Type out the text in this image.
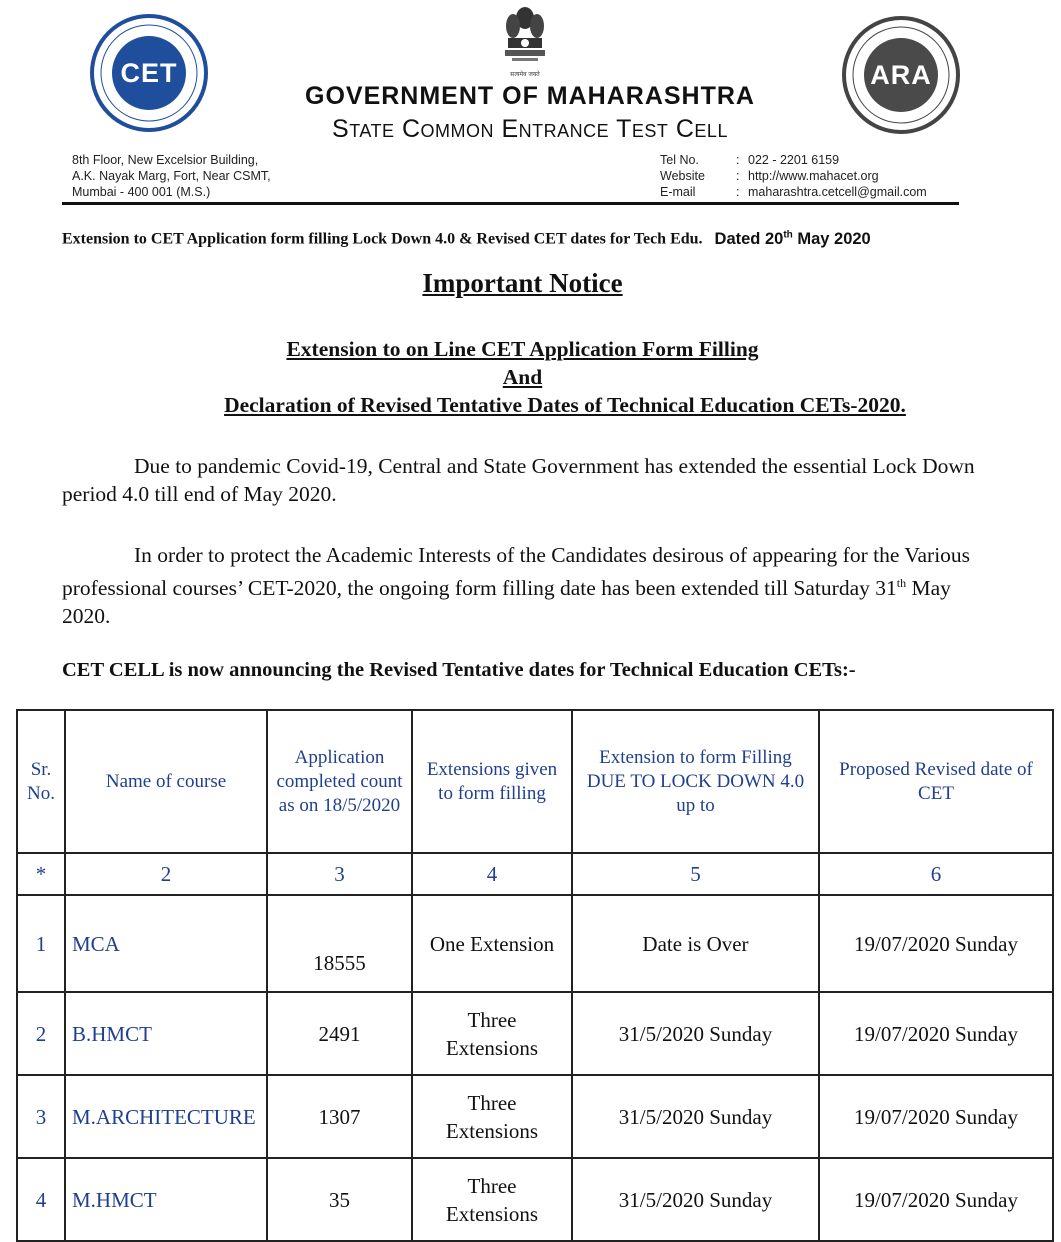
CET	सत्यमेव जयते	ARA
GOVERNMENT OF MAHARASHTRA
State Common Entrance Test Cell
8th Floor, New Excelsior Building,
A.K. Nayak Marg, Fort, Near CSMT,
Mumbai - 400 001 (M.S.)
Tel No.	: 022 - 2201 6159
Website	: http://www.mahacet.org
E-mail	: maharashtra.cetcell@gmail.com
Extension to CET Application form filling Lock Down 4.0 & Revised CET dates for Tech Edu. Dated 20th May 2020
Important Notice
Extension to on Line CET Application Form Filling
And
Declaration of Revised Tentative Dates of Technical Education CETs-2020.
Due to pandemic Covid-19, Central and State Government has extended the essential Lock Down period 4.0 till end of May 2020.
In order to protect the Academic Interests of the Candidates desirous of appearing for the Various professional courses’ CET-2020, the ongoing form filling date has been extended till Saturday 31th May 2020.
CET CELL is now announcing the Revised Tentative dates for Technical Education CETs:-
Sr. No.	Name of course	Application completed count as on 18/5/2020	Extensions given to form filling	Extension to form Filling DUE TO LOCK DOWN 4.0 up to	Proposed Revised date of CET
*	2	3	4	5	6
1	MCA	18555	One Extension	Date is Over	19/07/2020 Sunday
2	B.HMCT	2491	Three Extensions	31/5/2020 Sunday	19/07/2020 Sunday
3	M.ARCHITECTURE	1307	Three Extensions	31/5/2020 Sunday	19/07/2020 Sunday
4	M.HMCT	35	Three Extensions	31/5/2020 Sunday	19/07/2020 Sunday
